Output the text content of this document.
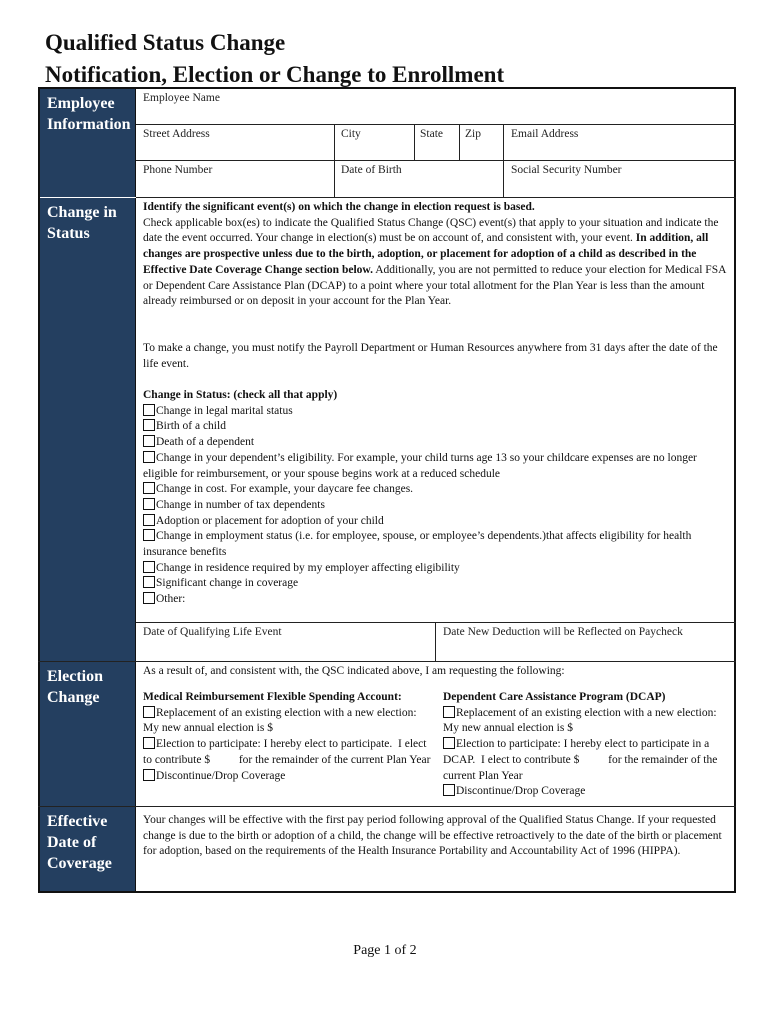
Qualified Status Change
Notification, Election or Change to Enrollment
Employee
Information
Change in
Status
Election
Change
Effective
Date of
Coverage
Employee Name
Street Address	City	State Zip	Email Address
Phone Number	Date of Birth	Social Security Number
Identify the significant event(s) on which the change in election request is based.
Check applicable box(es) to indicate the Qualified Status Change (QSC) event(s) that apply to your situation and indicate the date the event occurred. Your change in election(s) must be on account of, and consistent with, your event. In addition, all changes are prospective unless due to the birth, adoption, or placement for adoption of a child as described in the Effective Date Coverage Change section below. Additionally, you are not permitted to reduce your election for Medical FSA or Dependent Care Assistance Plan (DCAP) to a point where your total allotment for the Plan Year is less than the amount already reimbursed or on deposit in your account for the Plan Year.
To make a change, you must notify the Payroll Department or Human Resources anywhere from 31 days after the date of the life event.
Change in Status: (check all that apply)
Change in legal marital status
Birth of a child
Death of a dependent
Change in your dependent’s eligibility. For example, your child turns age 13 so your childcare expenses are no longer eligible for reimbursement, or your spouse begins work at a reduced schedule
Change in cost. For example, your daycare fee changes.
Change in number of tax dependents
Adoption or placement for adoption of your child
Change in employment status (i.e. for employee, spouse, or employee’s dependents.)that affects eligibility for health insurance benefits
Change in residence required by my employer affecting eligibility
Significant change in coverage
Other:
Date of Qualifying Life Event	Date New Deduction will be Reflected on Paycheck
As a result of, and consistent with, the QSC indicated above, I am requesting the following:
Medical Reimbursement Flexible Spending Account:
Replacement of an existing election with a new election: My new annual election is $
Election to participate: I hereby elect to participate.  I elect to contribute $          for the remainder of the current Plan Year
Discontinue/Drop Coverage
Dependent Care Assistance Program (DCAP)
Replacement of an existing election with a new election: My new annual election is $
Election to participate: I hereby elect to participate in a DCAP.  I elect to contribute $          for the remainder of the current Plan Year
Discontinue/Drop Coverage
Your changes will be effective with the first pay period following approval of the Qualified Status Change. If your requested change is due to the birth or adoption of a child, the change will be effective retroactively to the date of the birth or placement for adoption, based on the requirements of the Health Insurance Portability and Accountability Act of 1996 (HIPPA).
Page 1 of 2
